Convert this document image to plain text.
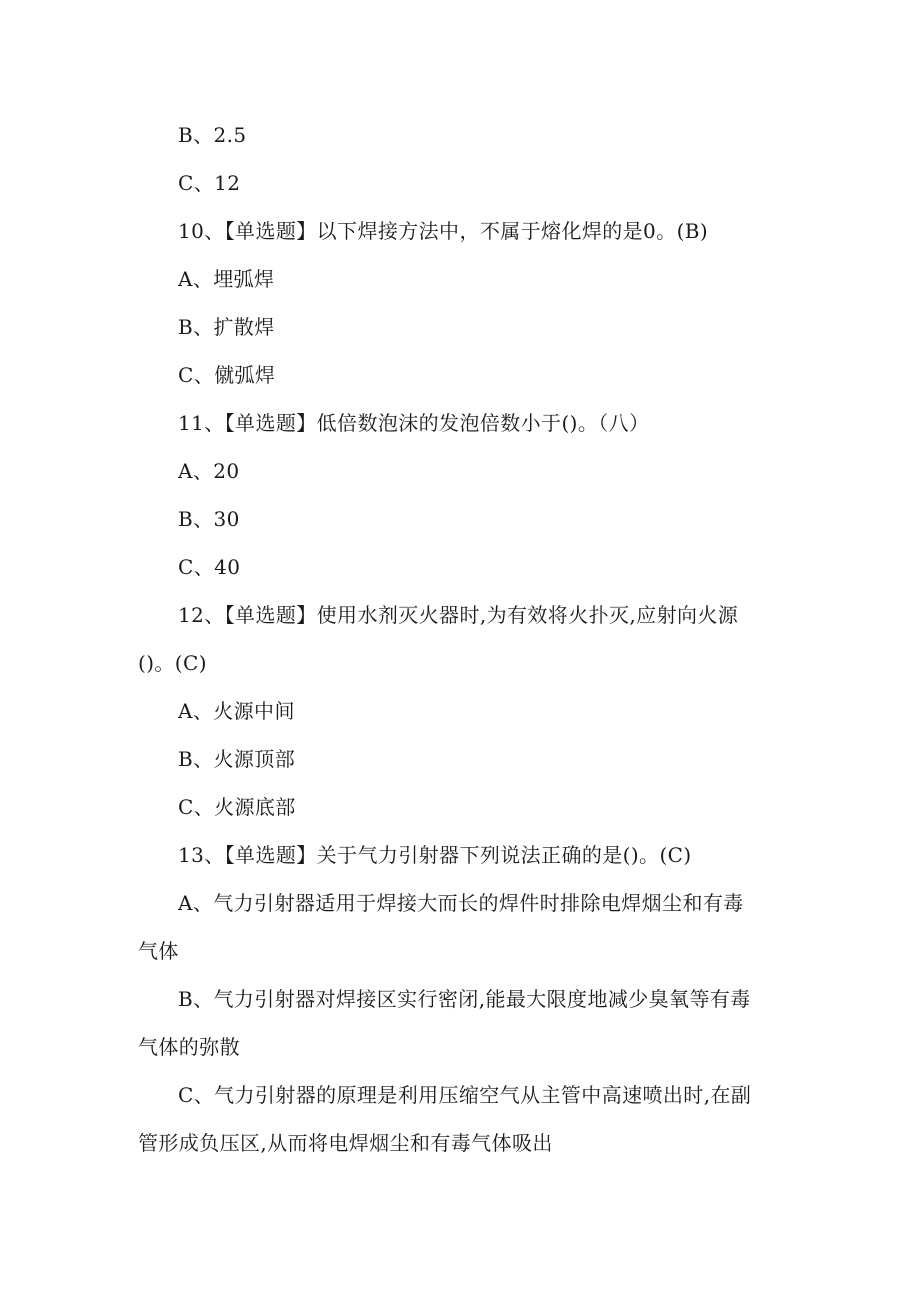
B、2.5

C、12

10、【单选题】以下焊接方法中，不属于熔化焊的是0。(B)

A、埋弧焊

B、扩散焊

C、僦弧焊

11、【单选题】低倍数泡沫的发泡倍数小于()。（八）

A、20

B、30

C、40

12、【单选题】使用水剂灭火器时,为有效将火扑灭,应射向火源

()。(C)

A、火源中间

B、火源顶部

C、火源底部

13、【单选题】关于气力引射器下列说法正确的是()。(C)

A、气力引射器适用于焊接大而长的焊件时排除电焊烟尘和有毒

气体

B、气力引射器对焊接区实行密闭,能最大限度地减少臭氧等有毒

气体的弥散

C、气力引射器的原理是利用压缩空气从主管中高速喷出时,在副

管形成负压区,从而将电焊烟尘和有毒气体吸出
